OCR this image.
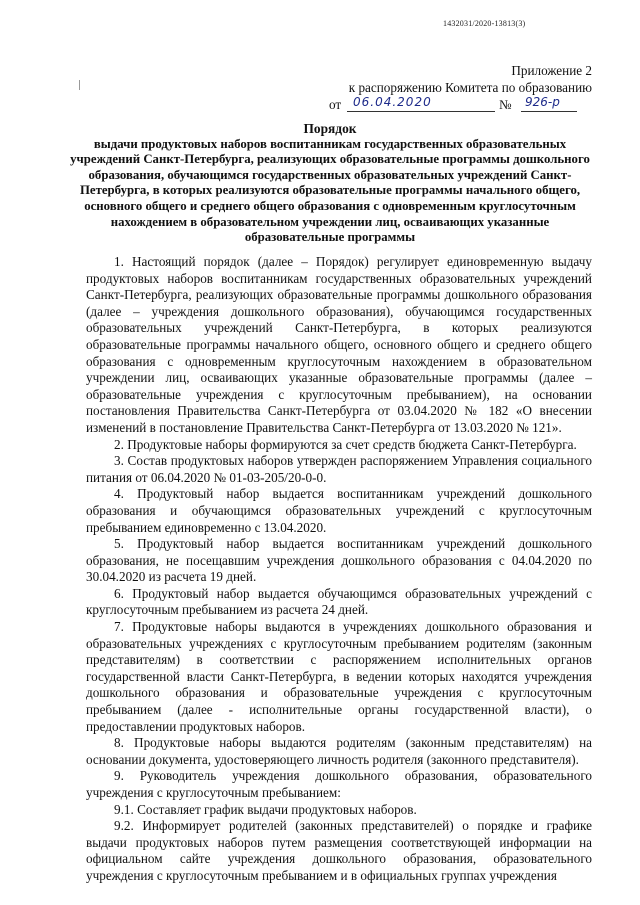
1432031/2020-13813(3)
Приложение 2
к распоряжению Комитета по образованию
от 06.04.2020	№	926-р
Порядок
выдачи продуктовых наборов воспитанникам государственных образовательных учреждений Санкт-Петербурга, реализующих образовательные программы дошкольного образования, обучающимся государственных образовательных учреждений Санкт-Петербурга, в которых реализуются образовательные программы начального общего, основного общего и среднего общего образования с одновременным круглосуточным нахождением в образовательном учреждении лиц, осваивающих указанные образовательные программы

1. Настоящий порядок (далее – Порядок) регулирует единовременную выдачу продуктовых наборов воспитанникам государственных образовательных учреждений Санкт-Петербурга, реализующих образовательные программы дошкольного образования (далее – учреждения дошкольного образования), обучающимся государственных образовательных учреждений Санкт-Петербурга, в которых реализуются образовательные программы начального общего, основного общего и среднего общего образования с одновременным круглосуточным нахождением в образовательном учреждении лиц, осваивающих указанные образовательные программы (далее – образовательные учреждения с круглосуточным пребыванием), на основании постановления Правительства Санкт-Петербурга от 03.04.2020 № 182 «О внесении изменений в постановление Правительства Санкт-Петербурга от 13.03.2020 № 121».

2. Продуктовые наборы формируются за счет средств бюджета Санкт-Петербурга.

3. Состав продуктовых наборов утвержден распоряжением Управления социального питания от 06.04.2020 № 01-03-205/20-0-0.

4. Продуктовый набор выдается воспитанникам учреждений дошкольного образования и обучающимся образовательных учреждений с круглосуточным пребыванием единовременно с 13.04.2020.

5. Продуктовый набор выдается воспитанникам учреждений дошкольного образования, не посещавшим учреждения дошкольного образования с 04.04.2020 по 30.04.2020 из расчета 19 дней.

6. Продуктовый набор выдается обучающимся образовательных учреждений с круглосуточным пребыванием из расчета 24 дней.

7. Продуктовые наборы выдаются в учреждениях дошкольного образования и образовательных учреждениях с круглосуточным пребыванием родителям (законным представителям) в соответствии с распоряжением исполнительных органов государственной власти Санкт-Петербурга, в ведении которых находятся учреждения дошкольного образования и образовательные учреждения с круглосуточным пребыванием (далее - исполнительные органы государственной власти), о предоставлении продуктовых наборов.

8. Продуктовые наборы выдаются родителям (законным представителям) на основании документа, удостоверяющего личность родителя (законного представителя).

9. Руководитель учреждения дошкольного образования, образовательного учреждения с круглосуточным пребыванием:

9.1. Составляет график выдачи продуктовых наборов.

9.2. Информирует родителей (законных представителей) о порядке и графике выдачи продуктовых наборов путем размещения соответствующей информации на официальном сайте учреждения дошкольного образования, образовательного учреждения с круглосуточным пребыванием и в официальных группах учреждения
